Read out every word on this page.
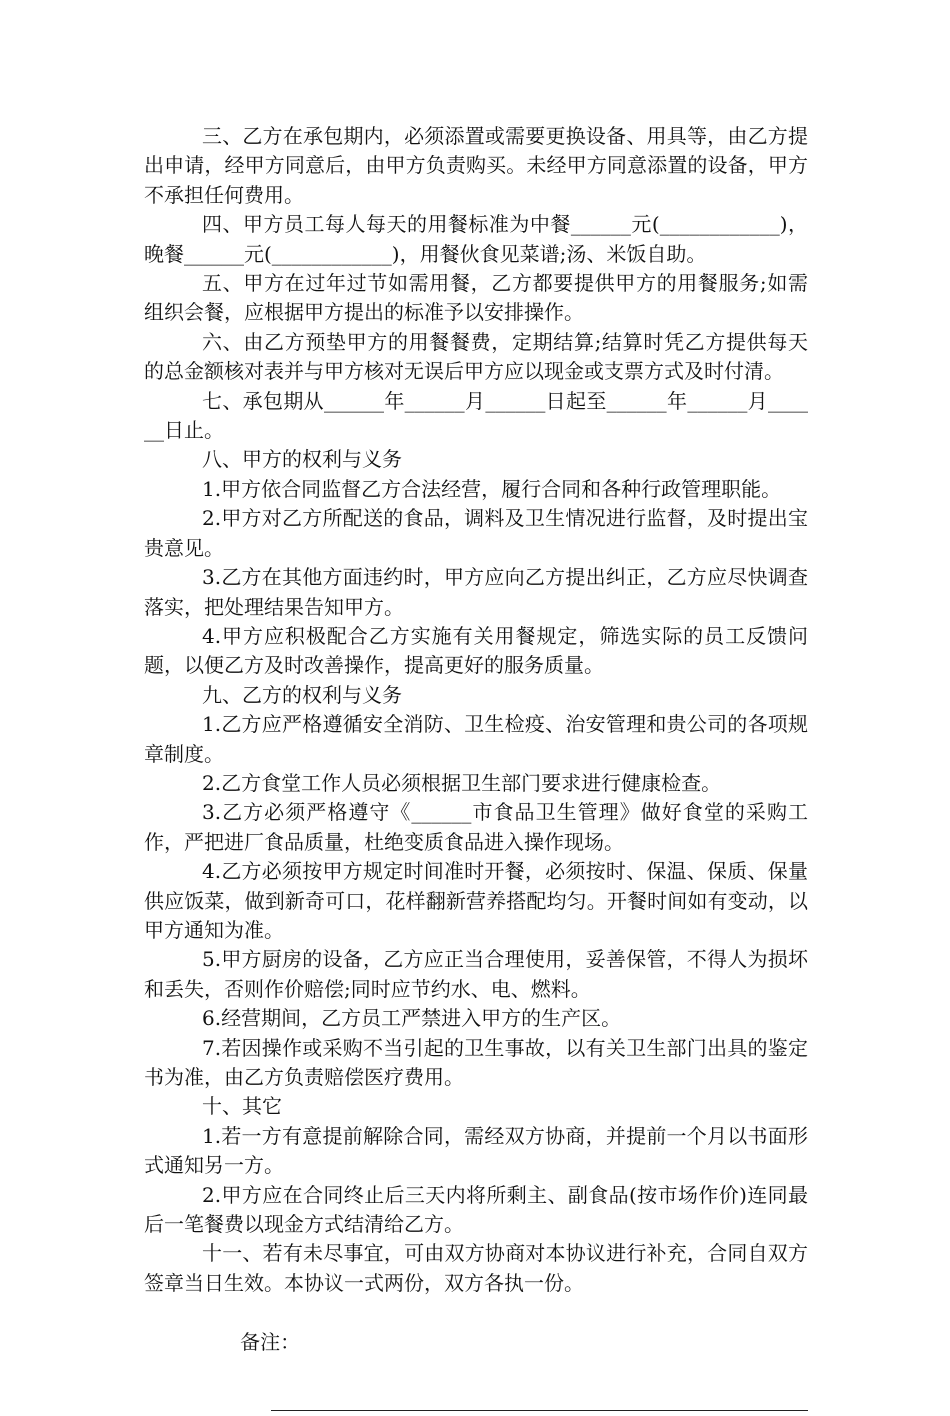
三、乙方在承包期内，必须添置或需要更换设备、用具等，由乙方提出申请，经甲方同意后，由甲方负责购买。未经甲方同意添置的设备，甲方不承担任何费用。

四、甲方员工每人每天的用餐标准为中餐______元(____________)，晚餐______元(____________)，用餐伙食见菜谱;汤、米饭自助。

五、甲方在过年过节如需用餐，乙方都要提供甲方的用餐服务;如需组织会餐，应根据甲方提出的标准予以安排操作。

六、由乙方预垫甲方的用餐餐费，定期结算;结算时凭乙方提供每天的总金额核对表并与甲方核对无误后甲方应以现金或支票方式及时付清。

七、承包期从______年______月______日起至______年______月______日止。

八、甲方的权利与义务

1.甲方依合同监督乙方合法经营，履行合同和各种行政管理职能。

2.甲方对乙方所配送的食品，调料及卫生情况进行监督，及时提出宝贵意见。

3.乙方在其他方面违约时，甲方应向乙方提出纠正，乙方应尽快调查落实，把处理结果告知甲方。

4.甲方应积极配合乙方实施有关用餐规定，筛选实际的员工反馈问题，以便乙方及时改善操作，提高更好的服务质量。

九、乙方的权利与义务

1.乙方应严格遵循安全消防、卫生检疫、治安管理和贵公司的各项规章制度。

2.乙方食堂工作人员必须根据卫生部门要求进行健康检查。

3.乙方必须严格遵守《______市食品卫生管理》做好食堂的采购工作，严把进厂食品质量，杜绝变质食品进入操作现场。

4.乙方必须按甲方规定时间准时开餐，必须按时、保温、保质、保量供应饭菜，做到新奇可口，花样翻新营养搭配均匀。开餐时间如有变动，以甲方通知为准。

5.甲方厨房的设备，乙方应正当合理使用，妥善保管，不得人为损坏和丢失，否则作价赔偿;同时应节约水、电、燃料。

6.经营期间，乙方员工严禁进入甲方的生产区。

7.若因操作或采购不当引起的卫生事故，以有关卫生部门出具的鉴定书为准，由乙方负责赔偿医疗费用。

十、其它

1.若一方有意提前解除合同，需经双方协商，并提前一个月以书面形式通知另一方。

2.甲方应在合同终止后三天内将所剩主、副食品(按市场作价)连同最后一笔餐费以现金方式结清给乙方。

十一、若有未尽事宜，可由双方协商对本协议进行补充，合同自双方签章当日生效。本协议一式两份，双方各执一份。

备注：
